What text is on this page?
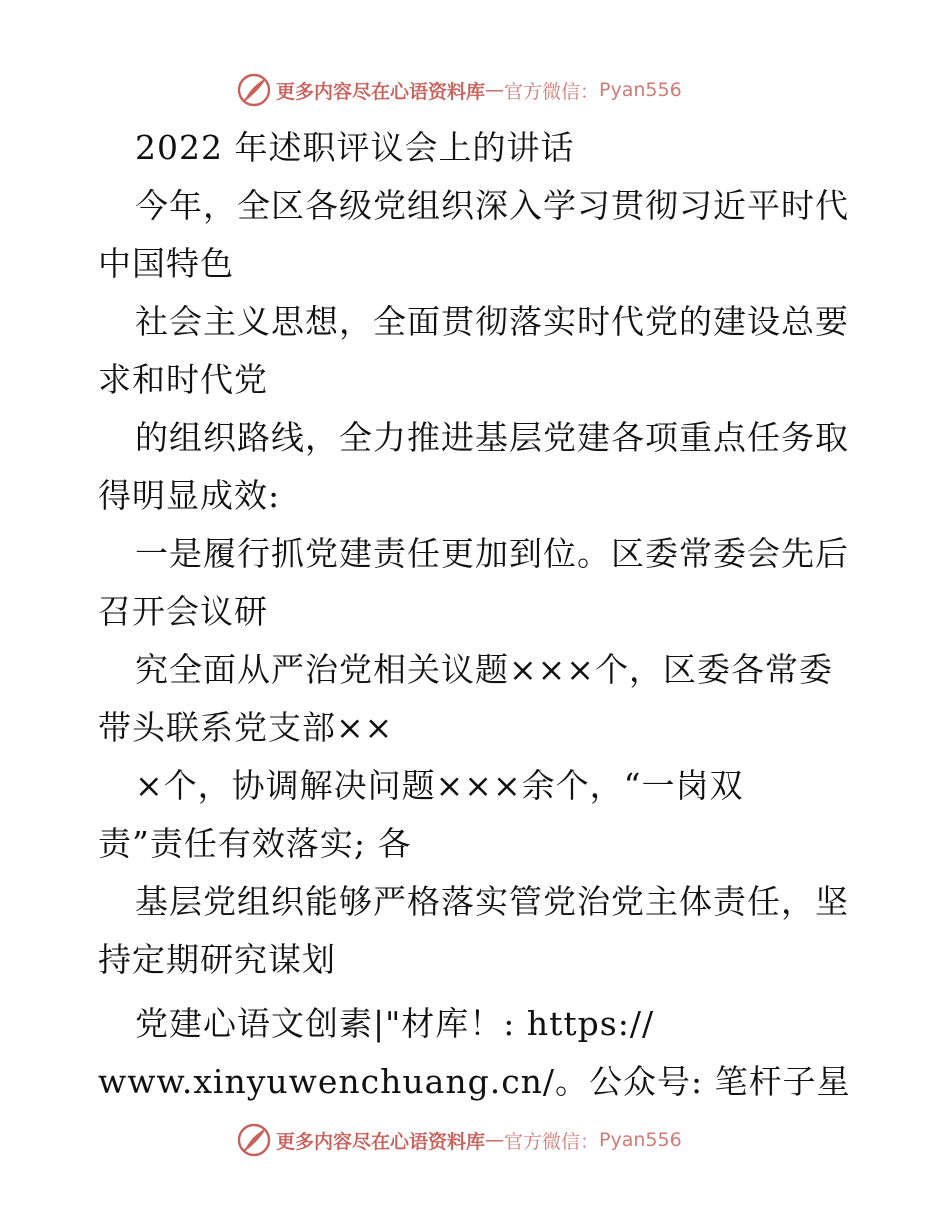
更多内容尽在心语资料库 — 官方微信： Pyan556
2022 年述职评议会上的讲话
今年，全区各级党组织深入学习贯彻习近平时代
中国特色
社会主义思想，全面贯彻落实时代党的建设总要
求和时代党
的组织路线，全力推进基层党建各项重点任务取
得明显成效:
一是履行抓党建责任更加到位。区委常委会先后
召开会议研
究全面从严治党相关议题×××个，区委各常委
带头联系党支部××
×个，协调解决问题×××余个，“一岗双
责”责任有效落实; 各
基层党组织能够严格落实管党治党主体责任，坚
持定期研究谋划
党建心语文创素|"材库！: https://
www.xinyuwenchuang.cn/。公众号: 笔杆子星
更多内容尽在心语资料库 — 官方微信： Pyan556
